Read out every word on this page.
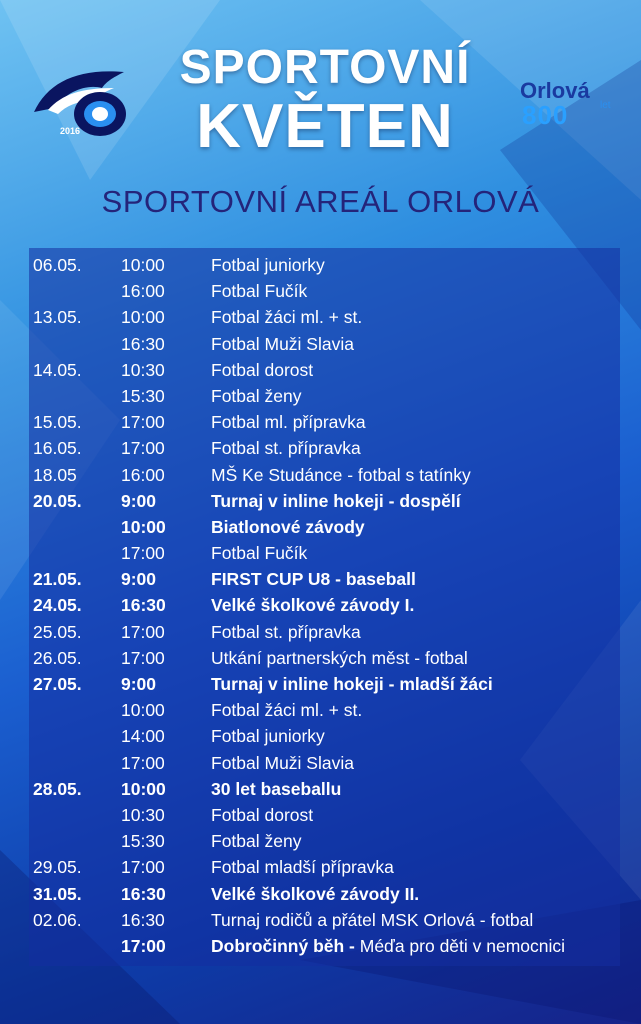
2016
SPORTOVNÍ
KVĚTEN
Orlová
800	let
SPORTOVNÍ AREÁL ORLOVÁ
06.05. 10:00	Fotbal juniorky
16:00	Fotbal Fučík
13.05. 10:00	Fotbal žáci ml. + st.
16:30	Fotbal Muži Slavia
14.05. 10:30	Fotbal dorost
15:30	Fotbal ženy
15.05. 17:00	Fotbal ml. přípravka
16.05. 17:00	Fotbal st. přípravka
18.05	16:00	MŠ Ke Studánce - fotbal s tatínky
20.05. 9:00	Turnaj v inline hokeji - dospělí
10:00	Biatlonové závody
17:00	Fotbal Fučík
21.05. 9:00	FIRST CUP U8 - baseball
24.05. 16:30	Velké školkové závody I.
25.05. 17:00	Fotbal st. přípravka
26.05. 17:00	Utkání partnerských měst - fotbal
27.05. 9:00	Turnaj v inline hokeji - mladší žáci
10:00	Fotbal žáci ml. + st.
14:00	Fotbal juniorky
17:00	Fotbal Muži Slavia
28.05. 10:00	30 let baseballu
10:30	Fotbal dorost
15:30	Fotbal ženy
29.05. 17:00	Fotbal mladší přípravka
31.05. 16:30	Velké školkové závody II.
02.06. 16:30	Turnaj rodičů a přátel MSK Orlová - fotbal
17:00	Dobročinný běh - Méďa pro děti v nemocnici
